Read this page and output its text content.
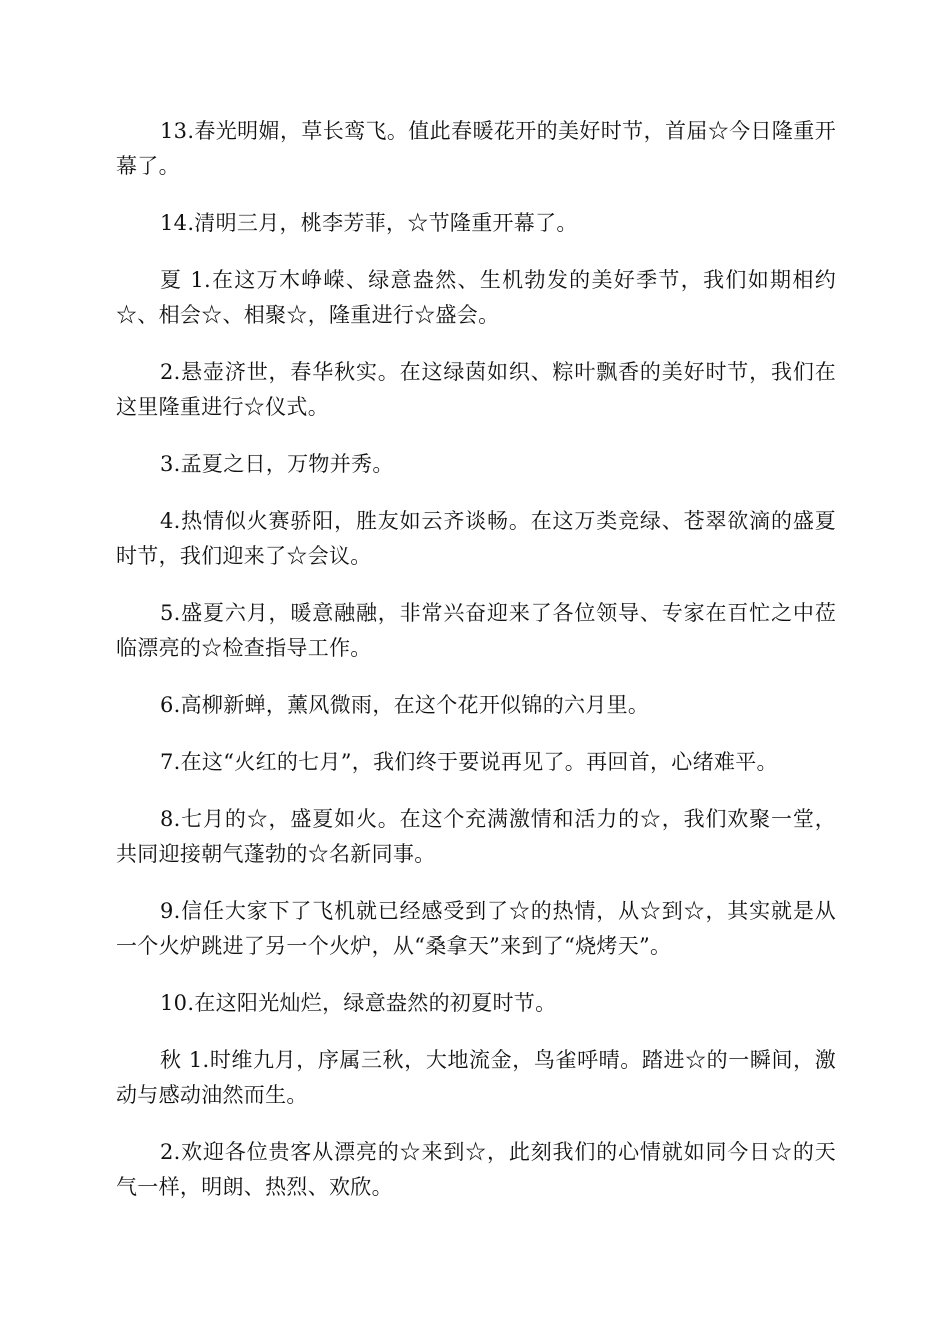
13.春光明媚，草长鸾飞。值此春暖花开的美好时节，首届☆今日隆重开幕了。

14.清明三月，桃李芳菲，☆节隆重开幕了。

夏 1.在这万木峥嵘、绿意盎然、生机勃发的美好季节，我们如期相约☆、相会☆、相聚☆，隆重进行☆盛会。

2.悬壶济世，春华秋实。在这绿茵如织、粽叶飘香的美好时节，我们在这里隆重进行☆仪式。

3.孟夏之日，万物并秀。

4.热情似火赛骄阳，胜友如云齐谈畅。在这万类竞绿、苍翠欲滴的盛夏时节，我们迎来了☆会议。

5.盛夏六月，暖意融融，非常兴奋迎来了各位领导、专家在百忙之中莅临漂亮的☆检查指导工作。

6.高柳新蝉，薰风微雨，在这个花开似锦的六月里。

7.在这“火红的七月”，我们终于要说再见了。再回首，心绪难平。

8.七月的☆，盛夏如火。在这个充满激情和活力的☆，我们欢聚一堂，共同迎接朝气蓬勃的☆名新同事。

9.信任大家下了飞机就已经感受到了☆的热情，从☆到☆，其实就是从一个火炉跳进了另一个火炉，从“桑拿天”来到了“烧烤天”。

10.在这阳光灿烂，绿意盎然的初夏时节。

秋 1.时维九月，序属三秋，大地流金，鸟雀呼晴。踏进☆的一瞬间，激动与感动油然而生。

2.欢迎各位贵客从漂亮的☆来到☆，此刻我们的心情就如同今日☆的天气一样，明朗、热烈、欢欣。
